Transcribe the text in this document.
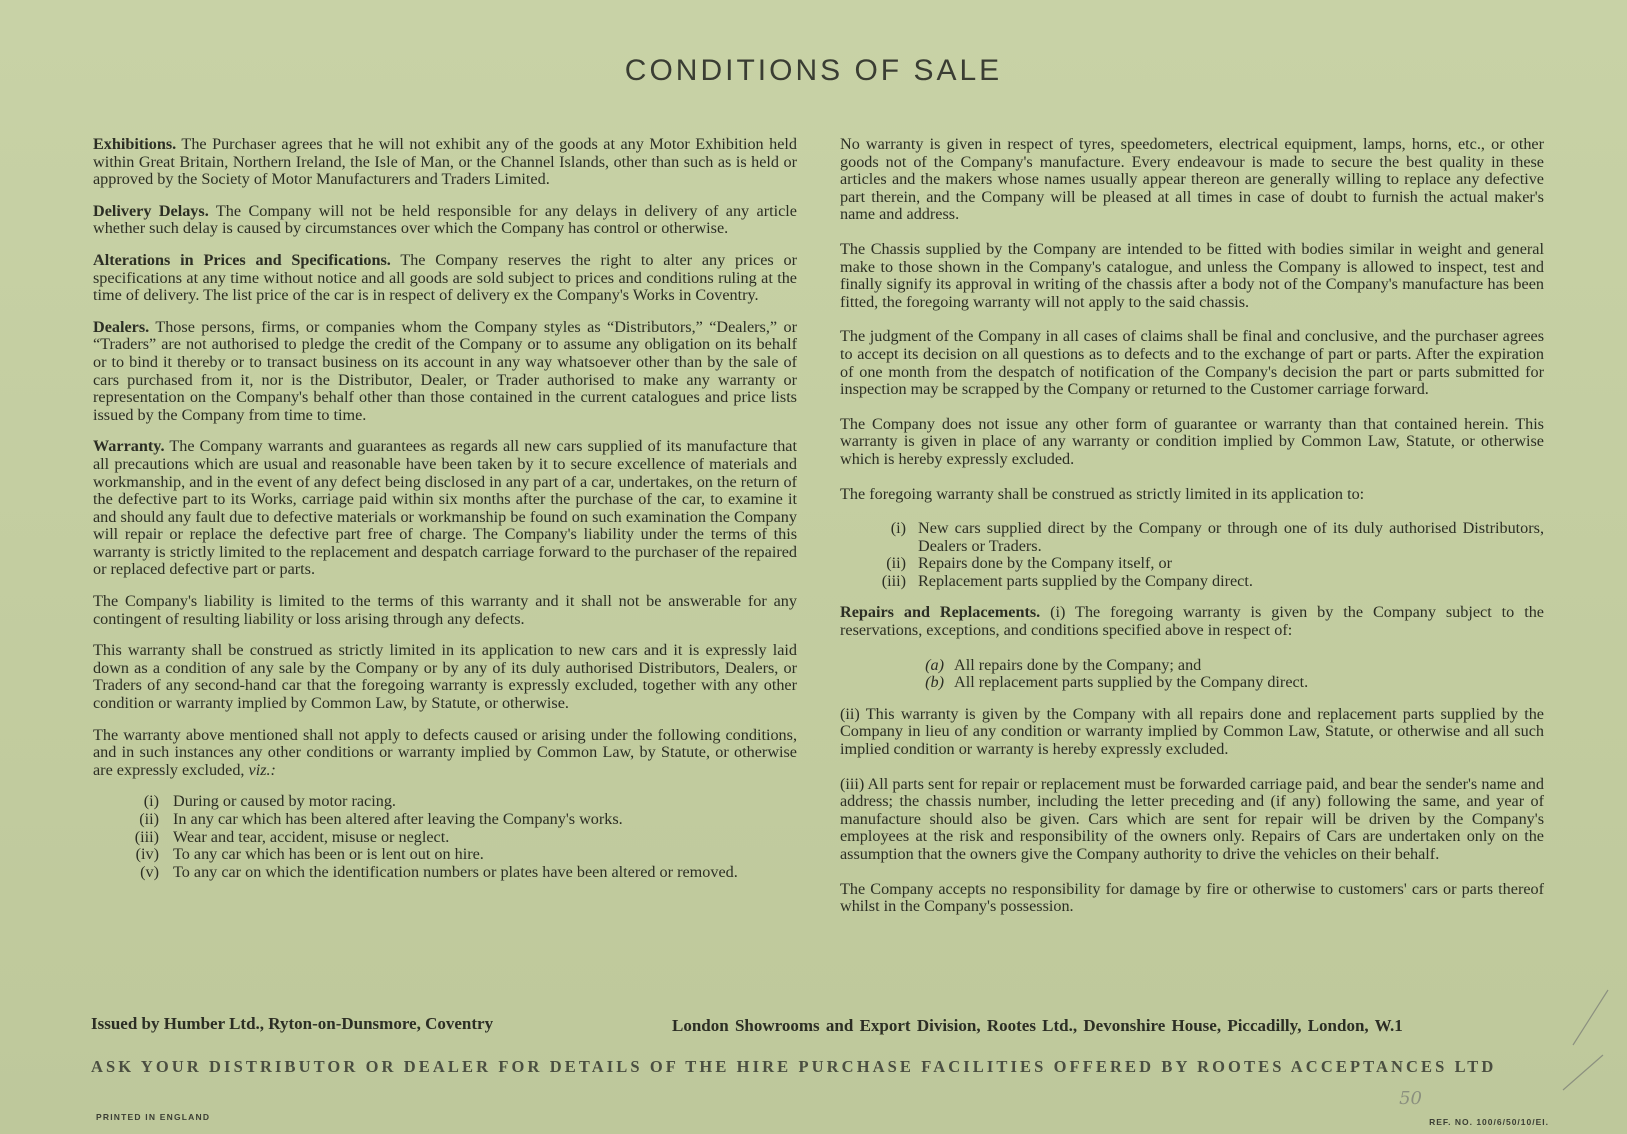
CONDITIONS OF SALE

Exhibitions. The Purchaser agrees that he will not exhibit any of the goods at any Motor Exhibition held within Great Britain, Northern Ireland, the Isle of Man, or the Channel Islands, other than such as is held or approved by the Society of Motor Manufacturers and Traders Limited.

Delivery Delays. The Company will not be held responsible for any delays in delivery of any article whether such delay is caused by circumstances over which the Company has control or otherwise.

Alterations in Prices and Specifications. The Company reserves the right to alter any prices or specifications at any time without notice and all goods are sold subject to prices and conditions ruling at the time of delivery. The list price of the car is in respect of delivery ex the Company's Works in Coventry.

Dealers. Those persons, firms, or companies whom the Company styles as “Distributors,” “Dealers,” or “Traders” are not authorised to pledge the credit of the Company or to assume any obligation on its behalf or to bind it thereby or to transact business on its account in any way whatsoever other than by the sale of cars purchased from it, nor is the Distributor, Dealer, or Trader authorised to make any warranty or representation on the Company's behalf other than those contained in the current catalogues and price lists issued by the Company from time to time.

Warranty. The Company warrants and guarantees as regards all new cars supplied of its manufacture that all precautions which are usual and reasonable have been taken by it to secure excellence of materials and workmanship, and in the event of any defect being disclosed in any part of a car, undertakes, on the return of the defective part to its Works, carriage paid within six months after the purchase of the car, to examine it and should any fault due to defective materials or workmanship be found on such examination the Company will repair or replace the defective part free of charge. The Company's liability under the terms of this warranty is strictly limited to the replacement and despatch carriage forward to the purchaser of the repaired or replaced defective part or parts.

The Company's liability is limited to the terms of this warranty and it shall not be answerable for any contingent of resulting liability or loss arising through any defects.

This warranty shall be construed as strictly limited in its application to new cars and it is expressly laid down as a condition of any sale by the Company or by any of its duly authorised Distributors, Dealers, or Traders of any second-hand car that the foregoing warranty is expressly excluded, together with any other condition or warranty implied by Common Law, by Statute, or otherwise.

The warranty above mentioned shall not apply to defects caused or arising under the following conditions, and in such instances any other conditions or warranty implied by Common Law, by Statute, or otherwise are expressly excluded, viz.:

(i) During or caused by motor racing.
(ii) In any car which has been altered after leaving the Company's works.
(iii) Wear and tear, accident, misuse or neglect.
(iv) To any car which has been or is lent out on hire.
(v) To any car on which the identification numbers or plates have been altered or removed.

No warranty is given in respect of tyres, speedometers, electrical equipment, lamps, horns, etc., or other goods not of the Company's manufacture. Every endeavour is made to secure the best quality in these articles and the makers whose names usually appear thereon are generally willing to replace any defective part therein, and the Company will be pleased at all times in case of doubt to furnish the actual maker's name and address.

The Chassis supplied by the Company are intended to be fitted with bodies similar in weight and general make to those shown in the Company's catalogue, and unless the Company is allowed to inspect, test and finally signify its approval in writing of the chassis after a body not of the Company's manufacture has been fitted, the foregoing warranty will not apply to the said chassis.

The judgment of the Company in all cases of claims shall be final and conclusive, and the purchaser agrees to accept its decision on all questions as to defects and to the exchange of part or parts. After the expiration of one month from the despatch of notification of the Company's decision the part or parts submitted for inspection may be scrapped by the Company or returned to the Customer carriage forward.

The Company does not issue any other form of guarantee or warranty than that contained herein. This warranty is given in place of any warranty or condition implied by Common Law, Statute, or otherwise which is hereby expressly excluded.

The foregoing warranty shall be construed as strictly limited in its application to:

(i) New cars supplied direct by the Company or through one of its duly authorised Distributors, Dealers or Traders.
(ii) Repairs done by the Company itself, or
(iii) Replacement parts supplied by the Company direct.

Repairs and Replacements. (i) The foregoing warranty is given by the Company subject to the reservations, exceptions, and conditions specified above in respect of:

(a) All repairs done by the Company; and
(b) All replacement parts supplied by the Company direct.

(ii) This warranty is given by the Company with all repairs done and replacement parts supplied by the Company in lieu of any condition or warranty implied by Common Law, Statute, or otherwise and all such implied condition or warranty is hereby expressly excluded.

(iii) All parts sent for repair or replacement must be forwarded carriage paid, and bear the sender's name and address; the chassis number, including the letter preceding and (if any) following the same, and year of manufacture should also be given. Cars which are sent for repair will be driven by the Company's employees at the risk and responsibility of the owners only. Repairs of Cars are undertaken only on the assumption that the owners give the Company authority to drive the vehicles on their behalf.

The Company accepts no responsibility for damage by fire or otherwise to customers' cars or parts thereof whilst in the Company's possession.

Issued by Humber Ltd., Ryton-on-Dunsmore, Coventry	London Showrooms and Export Division, Rootes Ltd., Devonshire House, Piccadilly, London, W.1
ASK YOUR DISTRIBUTOR OR DEALER FOR DETAILS OF THE HIRE PURCHASE FACILITIES OFFERED BY ROOTES ACCEPTANCES LTD
PRINTED IN ENGLAND
50
REF. NO. 100/6/50/10/EI.
